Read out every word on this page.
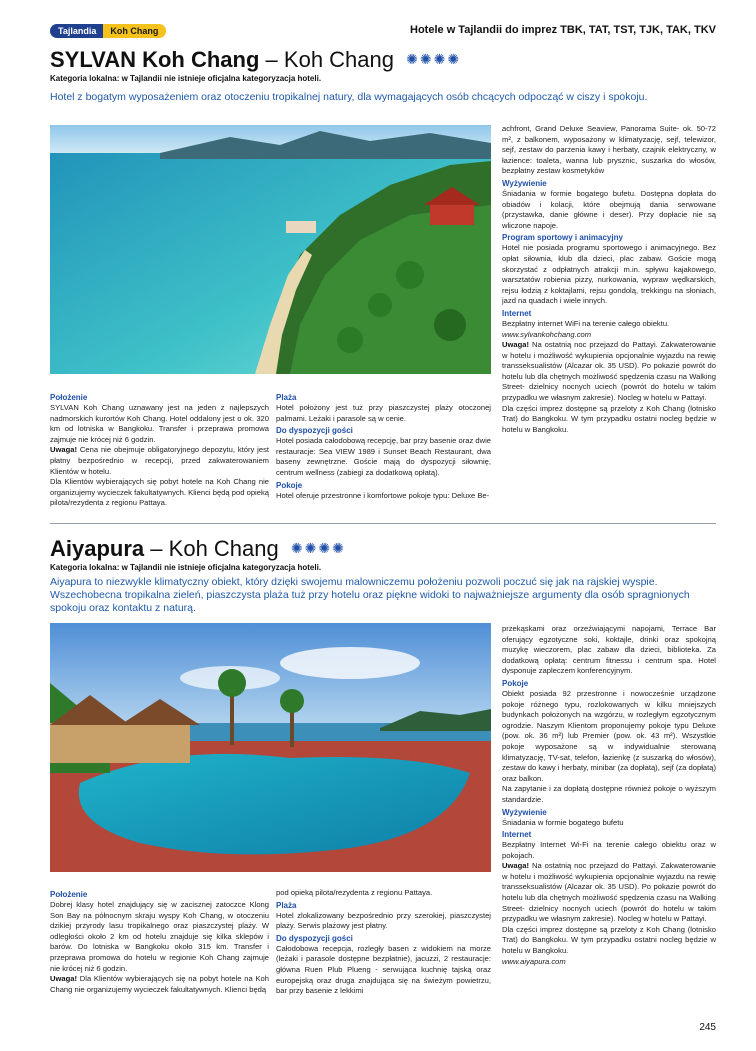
Tajlandia	Koh Chang	Hotele w Tajlandii do imprez TBK, TAT, TST, TJK, TAK, TKV
SYLVAN Koh Chang – Koh Chang ✺✺✺✺
Kategoria lokalna: w Tajlandii nie istnieje oficjalna kategoryzacja hoteli.
Hotel z bogatym wyposażeniem oraz otoczeniu tropikalnej natury, dla wymagających osób chcących odpocząć w ciszy i spokoju.
Położenie

SYLVAN Koh Chang uznawany jest na jeden z najlepszych nadmorskich kurortów Koh Chang. Hotel oddalony jest o ok. 320 km od lotniska w Bangkoku. Transfer i przeprawa promowa zajmuje nie krócej niż 6 godzin.

Uwaga! Cena nie obejmuje obligatoryjnego depozytu, który jest płatny bezpośrednio w recepcji, przed zakwaterowaniem Klientów w hotelu.

Dla Klientów wybierających się pobyt hotele na Koh Chang nie organizujemy wycieczek fakultatywnych. Klienci będą pod opieką pilota/rezydenta z regionu Pattaya.

Plaża

Hotel położony jest tuż przy piaszczystej plaży otoczonej palmami. Leżaki i parasole są w cenie.

Do dyspozycji gości

Hotel posiada całodobową recepcję, bar przy basenie oraz dwie restauracje: Sea VIEW 1989 i Sunset Beach Restaurant, dwa baseny zewnętrzne. Goście mają do dyspozycji siłownię, centrum wellness (zabiegi za dodatkową opłatą).

Pokoje

Hotel oferuje przestronne i komfortowe pokoje typu: Deluxe Be-

achfront, Grand Deluxe Seaview, Panorama Suite- ok. 50-72 m², z balkonem, wyposażony w klimatyzację, sejf, telewizor, sejf, zestaw do parzenia kawy i herbaty, czajnik elektryczny, w łazience: toaleta, wanna lub prysznic, suszarka do włosów, bezpłatny zestaw kosmetyków

Wyżywienie

Śniadania w formie bogatego bufetu. Dostępna dopłata do obiadów i kolacji, które obejmują dania serwowane (przystawka, danie główne i deser). Przy dopłacie nie są wliczone napoje.

Program sportowy i animacyjny

Hotel nie posiada programu sportowego i animacyjnego. Bez opłat siłownia, klub dla dzieci, plac zabaw. Goście mogą skorzystać z odpłatnych atrakcji m.in. spływu kajakowego, warsztatów robienia pizzy, nurkowania, wypraw wędkarskich, rejsu łodzią z koktajlami, rejsu gondolą, trekkingu na słoniach, jazd na quadach i wiele innych.

Internet

Bezpłatny internet WiFi na terenie całego obiektu.

www.sylvankohchang.com

Uwaga! Na ostatnią noc przejazd do Pattayi. Zakwaterowanie w hotelu i możliwość wykupienia opcjonalnie wyjazdu na rewię transseksualistów (Alcazar ok. 35 USD). Po pokazie powrót do hotelu lub dla chętnych możliwość spędzenia czasu na Walking Street- dzielnicy nocnych uciech (powrót do hotelu w takim przypadku we własnym zakresie). Nocleg w hotelu w Pattayi.

Dla części imprez dostępne są przeloty z Koh Chang (lotnisko Trat) do Bangkoku. W tym przypadku ostatni nocleg będzie w hotelu w Bangkoku.

Aiyapura – Koh Chang ✺✺✺✺
Kategoria lokalna: w Tajlandii nie istnieje oficjalna kategoryzacja hoteli.
Aiyapura to niezwykle klimatyczny obiekt, który dzięki swojemu malowniczemu położeniu pozwoli poczuć się jak na rajskiej wyspie. Wszechobecna tropikalna zieleń, piaszczysta plaża tuż przy hotelu oraz piękne widoki to najważniejsze argumenty dla osób spragnionych spokoju oraz kontaktu z naturą.
Położenie

Dobrej klasy hotel znajdujący się w zacisznej zatoczce Klong Son Bay na północnym skraju wyspy Koh Chang, w otoczeniu dzikiej przyrody lasu tropikalnego oraz piaszczystej plaży. W odległości około 2 km od hotelu znajduje się kilka sklepów i barów. Do lotniska w Bangkoku około 315 km. Transfer i przeprawa promowa do hotelu w regionie Koh Chang zajmuje nie krócej niż 6 godzin.

Uwaga! Dla Klientów wybierających się na pobyt hotele na Koh Chang nie organizujemy wycieczek fakultatywnych. Klienci będą

pod opieką pilota/rezydenta z regionu Pattaya.

Plaża

Hotel zlokalizowany bezpośrednio przy szerokiej, piaszczystej plaży. Serwis plażowy jest płatny.

Do dyspozycji gości

Całodobowa recepcja, rozległy basen z widokiem na morze (leżaki i parasole dostępne bezpłatnie), jacuzzi, 2 restauracje: główna Ruen Plub Plueng - serwująca kuchnię tajską oraz europejską oraz druga znajdująca się na świeżym powietrzu, bar przy basenie z lekkimi

przekąskami oraz orzeźwiającymi napojami, Terrace Bar oferujący egzotyczne soki, koktajle, drinki oraz spokojną muzykę wieczorem, plac zabaw dla dzieci, biblioteka. Za dodatkową opłatą: centrum fitnessu i centrum spa. Hotel dysponuje zapleczem konferencyjnym.

Pokoje

Obiekt posiada 92 przestronne i nowocześnie urządzone pokoje różnego typu, rozlokowanych w kilku mniejszych budynkach położonych na wzgórzu, w rozległym egzotycznym ogrodzie. Naszym Klientom proponujemy pokoje typu Deluxe (pow. ok. 36 m²) lub Premier (pow. ok. 43 m²). Wszystkie pokoje wyposażone są w indywidualnie sterowaną klimatyzację, TV-sat, telefon, łazienkę (z suszarką do włosów), zestaw do kawy i herbaty, minibar (za dopłatą), sejf (za dopłatą) oraz balkon.

Na zapytanie i za dopłatą dostępne również pokoje o wyższym standardzie.

Wyżywienie

Śniadania w formie bogatego bufetu

Internet

Bezpłatny Internet Wi-Fi na terenie całego obiektu oraz w pokojach.

Uwaga! Na ostatnią noc przejazd do Pattayi. Zakwaterowanie w hotelu i możliwość wykupienia opcjonalnie wyjazdu na rewię transseksualistów (Alcazar ok. 35 USD). Po pokazie powrót do hotelu lub dla chętnych możliwość spędzenia czasu na Walking Street- dzielnicy nocnych uciech (powrót do hotelu w takim przypadku we własnym zakresie). Nocleg w hotelu w Pattayi.

Dla części imprez dostępne są przeloty z Koh Chang (lotnisko Trat) do Bangkoku. W tym przypadku ostatni nocleg będzie w hotelu w Bangkoku.

www.aiyapura.com

245
